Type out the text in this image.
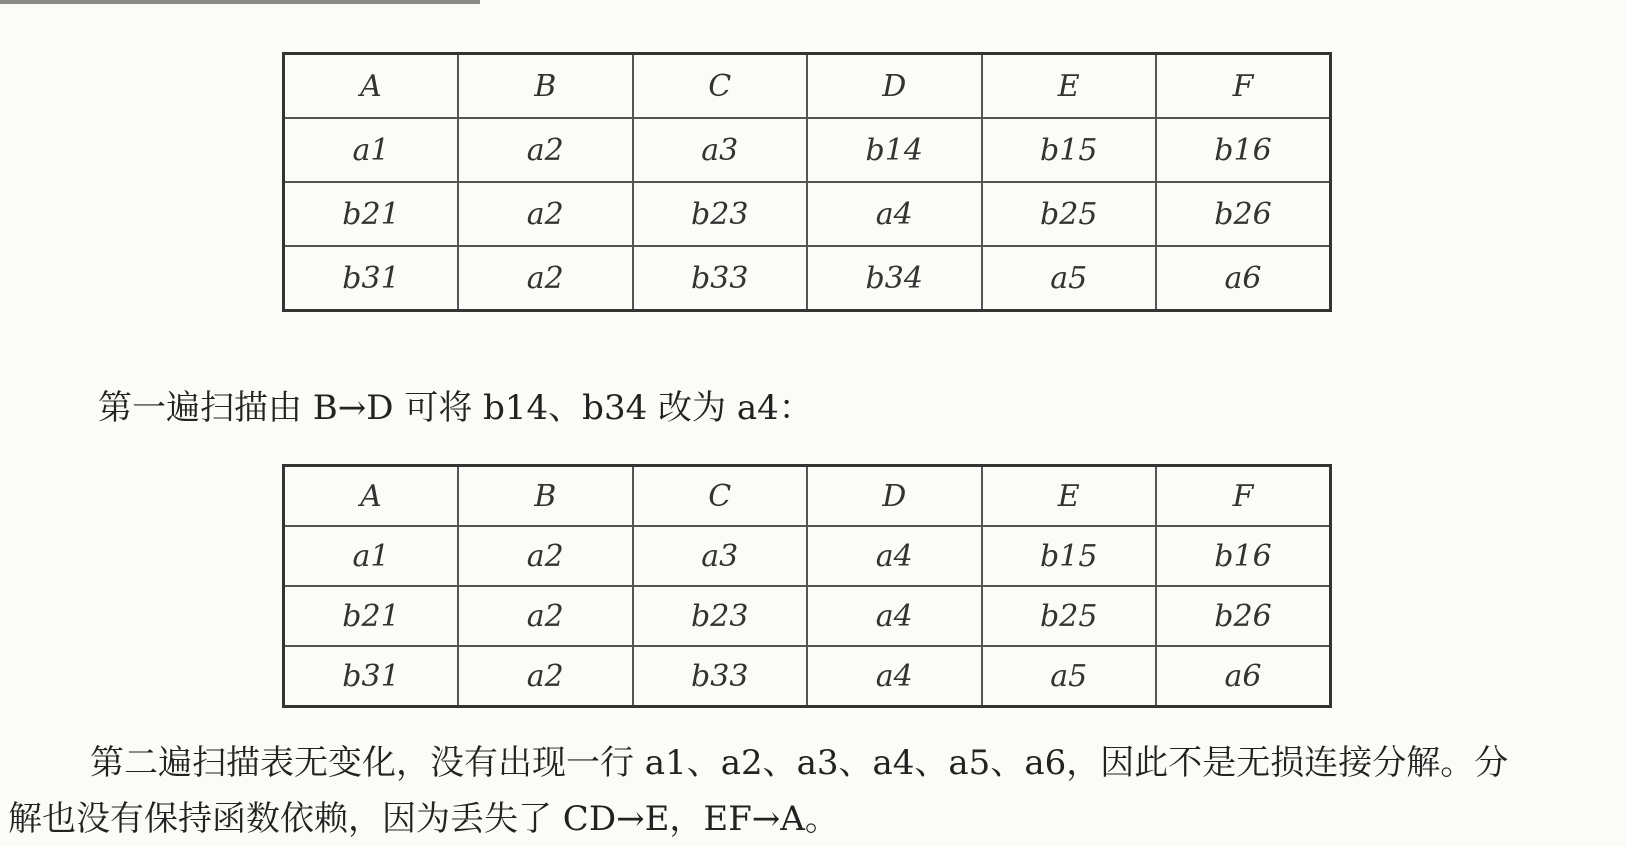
A	B	C	D	E	F
a1	a2	a3	b14	b15	b16
b21	a2	b23	a4	b25	b26
b31	a2	b33	b34	a5	a6

第一遍扫描由 B→D 可将 b14、b34 改为 a4：

A	B	C	D	E	F
a1	a2	a3	a4	b15	b16
b21	a2	b23	a4	b25	b26
b31	a2	b33	a4	a5	a6

第二遍扫描表无变化，没有出现一行 a1、a2、a3、a4、a5、a6，因此不是无损连接分解。分

解也没有保持函数依赖，因为丢失了 CD→E，EF→A。
